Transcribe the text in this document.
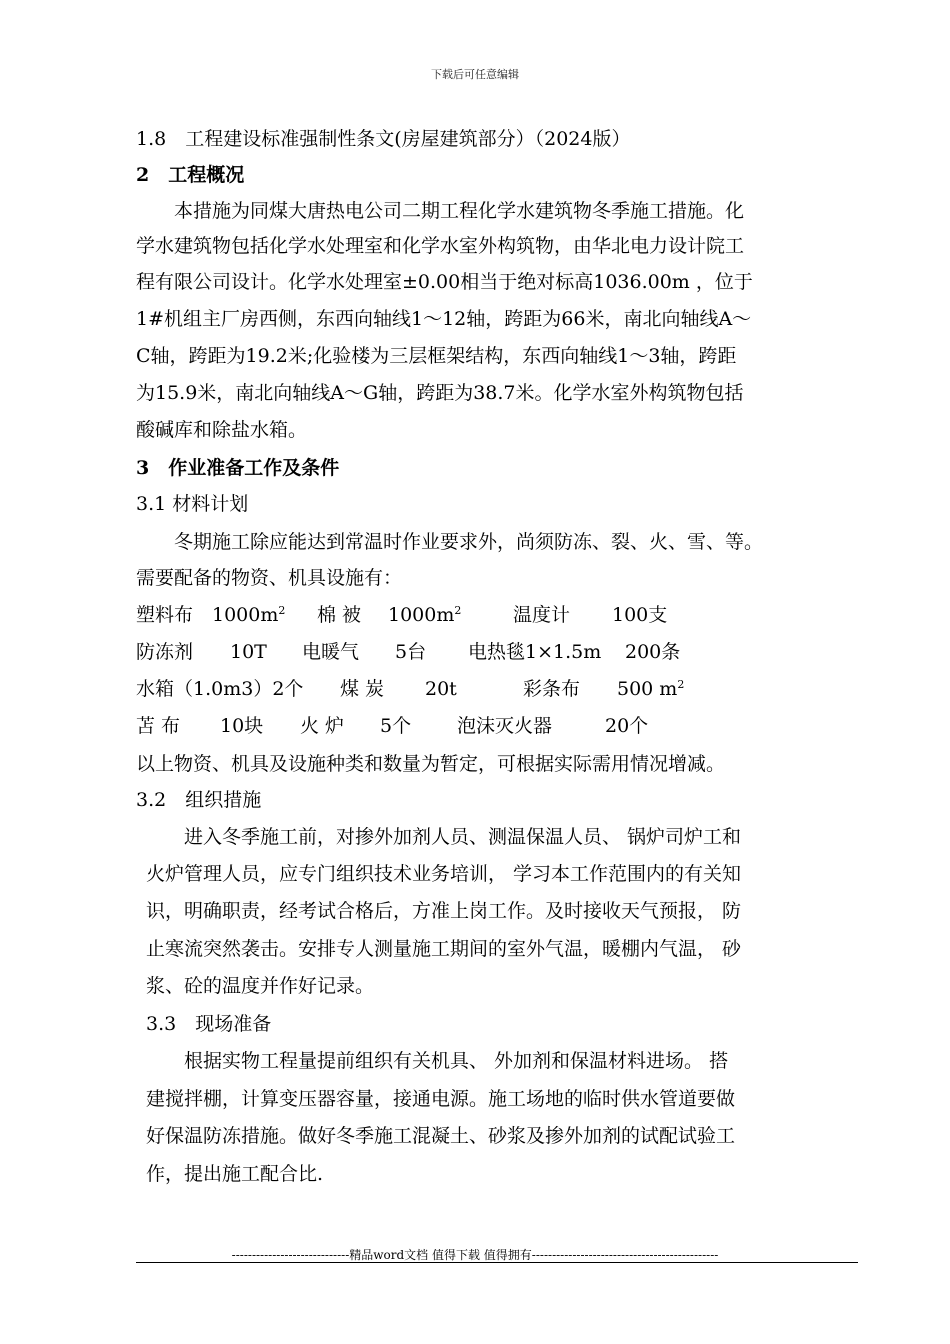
下载后可任意编辑
1.8　工程建设标准强制性条文(房屋建筑部分）（2024版）
2　工程概况
　　本措施为同煤大唐热电公司二期工程化学水建筑物冬季施工措施。化
学水建筑物包括化学水处理室和化学水室外构筑物，由华北电力设计院工
程有限公司设计。化学水处理室±0.00相当于绝对标高1036.00m ，位于
1#机组主厂房西侧，东西向轴线1～12轴，跨距为66米，南北向轴线A～
C轴，跨距为19.2米;化验楼为三层框架结构，东西向轴线1～3轴，跨距
为15.9米，南北向轴线A～G轴，跨距为38.7米。化学水室外构筑物包括
酸碱库和除盐水箱。
3　作业准备工作及条件
3.1 材料计划
　　冬期施工除应能达到常温时作业要求外，尚须防冻、裂、火、雪、等。
需要配备的物资、机具设施有：
塑料布 $1000m^2$ 棉 被 $1000m^2$	温度计 100支
防冻剂 10T 电暖气 5台 电热毯1×1.5m 200条
水箱（1.0m3）2个 煤 炭 20t	彩条布 500 $m^2$
苫 布 10块 火 炉 5个 泡沫灭火器	20个
以上物资、机具及设施种类和数量为暂定，可根据实际需用情况增减。
3.2　组织措施
　　进入冬季施工前，对掺外加剂人员、测温保温人员、 锅炉司炉工和
火炉管理人员，应专门组织技术业务培训， 学习本工作范围内的有关知
识，明确职责，经考试合格后，方准上岗工作。及时接收天气预报， 防
止寒流突然袭击。安排专人测量施工期间的室外气温，暖棚内气温， 砂
浆、砼的温度并作好记录。
3.3　现场准备
　　根据实物工程量提前组织有关机具、 外加剂和保温材料进场。 搭
建搅拌棚，计算变压器容量，接通电源。施工场地的临时供水管道要做
好保温防冻措施。做好冬季施工混凝土、砂浆及掺外加剂的试配试验工
作，提出施工配合比.
-----------------------------精品word文档 值得下载 值得拥有----------------------------------------------
